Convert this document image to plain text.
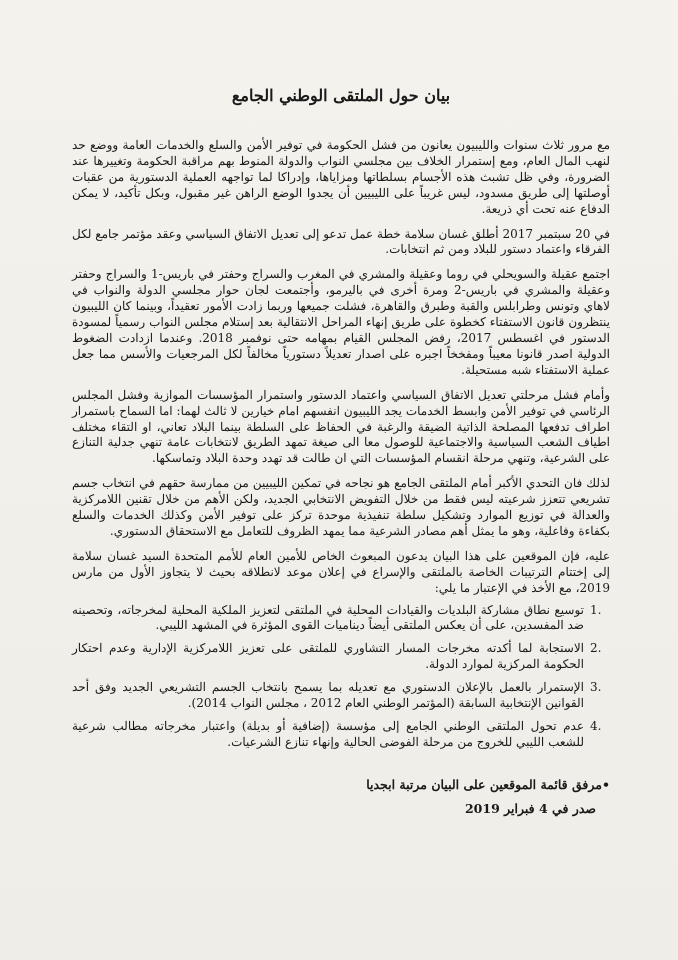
بيان حول الملتقى الوطني الجامع

مع مرور ثلاث سنوات والليبيون يعانون من فشل الحكومة في توفير الأمن والسلع والخدمات العامة ووضع حد لنهب المال العام، ومع إستمرار الخلاف بين مجلسي النواب والدولة المنوط بهم مراقبة الحكومة وتغييرها عند الضرورة، وفي ظل تشبث هذه الأجسام بسلطاتها ومزاياها، وإدراكا لما تواجهه العملية الدستورية من عقبات أوصلتها إلى طريق مسدود، ليس غريباً على الليبيين أن يجدوا الوضع الراهن غير مقبول، وبكل تأكيد، لا يمكن الدفاع عنه تحت أي ذريعة.

في 20 سبتمبر 2017 أطلق غسان سلامة خطة عمل تدعو إلى تعديل الاتفاق السياسي وعقد مؤتمر جامع لكل الفرقاء واعتماد دستور للبلاد ومن ثم انتخابات.

اجتمع عقيلة والسويحلي في روما وعقيلة والمشري في المغرب والسراج وحفتر في باريس-1 والسراج وحفتر وعقيلة والمشري في باريس-2 ومرة أخرى في باليرمو، وأجتمعت لجان حوار مجلسي الدولة والنواب في لاهاي وتونس وطرابلس والقبة وطبرق والقاهرة، فشلت جميعها وربما زادت الأمور تعقيداً، وبينما كان الليبيون ينتظرون قانون الاستفتاء كخطوة على طريق إنهاء المراحل الانتقالية بعد إستلام مجلس النواب رسمياً لمسودة الدستور في اغسطس 2017، رفض المجلس القيام بمهامه حتى نوفمبر 2018. وعندما ازدادت الضغوط الدولية اصدر قانونا معيباً ومفخخاً اجبره على اصدار تعديلاً دستورياً مخالفاً لكل المرجعيات والأسس مما جعل عملية الاستفتاء شبه مستحيلة.

وأمام فشل مرحلتي تعديل الاتفاق السياسي واعتماد الدستور واستمرار المؤسسات الموازية وفشل المجلس الرئاسي في توفير الأمن وابسط الخدمات يجد الليبيون انفسهم امام خيارين لا ثالث لهما: اما السماح باستمرار اطراف تدفعها المصلحة الذاتية الضيقة والرغبة في الحفاظ على السلطة بينما البلاد تعاني، او التقاء مختلف اطياف الشعب السياسية والاجتماعية للوصول معا الى صيغة تمهد الطريق لانتخابات عامة تنهي جدلية التنازع على الشرعية، وتنهي مرحلة انقسام المؤسسات التي ان طالت قد تهدد وحدة البلاد وتماسكها.

لذلك فان التحدي الأكبر أمام الملتقى الجامع هو نجاحه في تمكين الليبيين من ممارسة حقهم في انتخاب جسم تشريعي تتعزز شرعيته ليس فقط من خلال التفويض الانتخابي الجديد، ولكن الأهم من خلال تقنين اللامركزية والعدالة في توزيع الموارد وتشكيل سلطة تنفيذية موحدة تركز على توفير الأمن وكذلك الخدمات والسلع بكفاءة وفاعلية، وهو ما يمثل أهم مصادر الشرعية مما يمهد الظروف للتعامل مع الاستحقاق الدستوري.

عليه، فإن الموقعين على هذا البيان يدعون المبعوث الخاص للأمين العام للأمم المتحدة السيد غسان سلامة إلى إختتام الترتيبات الخاصة بالملتقى والإسراع في إعلان موعد لانطلاقه بحيث لا يتجاوز الأول من مارس 2019، مع الأخذ في الإعتبار ما يلي:

1.
توسيع نطاق مشاركة البلديات والقيادات المحلية في الملتقى لتعزيز الملكية المحلية لمخرجاته، وتحصينه ضد المفسدين، على أن يعكس الملتقى أيضاً ديناميات القوى المؤثرة في المشهد الليبي.
2.
الاستجابة لما أكدته مخرجات المسار التشاوري للملتقى على تعزيز اللامركزية الإدارية وعدم احتكار الحكومة المركزية لموارد الدولة.
3.
الإستمرار بالعمل بالإعلان الدستوري مع تعديله بما يسمح بانتخاب الجسم التشريعي الجديد وفق أحد القوانين الإنتخابية السابقة (المؤتمر الوطني العام 2012 ، مجلس النواب 2014).
4.
عدم تحول الملتقى الوطني الجامع إلى مؤسسة (إضافية أو بديلة) واعتبار مخرجاته مطالب شرعية للشعب الليبي للخروج من مرحلة الفوضى الحالية وإنهاء تنازع الشرعيات.
•مرفق قائمة الموقعين على البيان مرتبة ابجديا
صدر في 4 فبراير 2019
